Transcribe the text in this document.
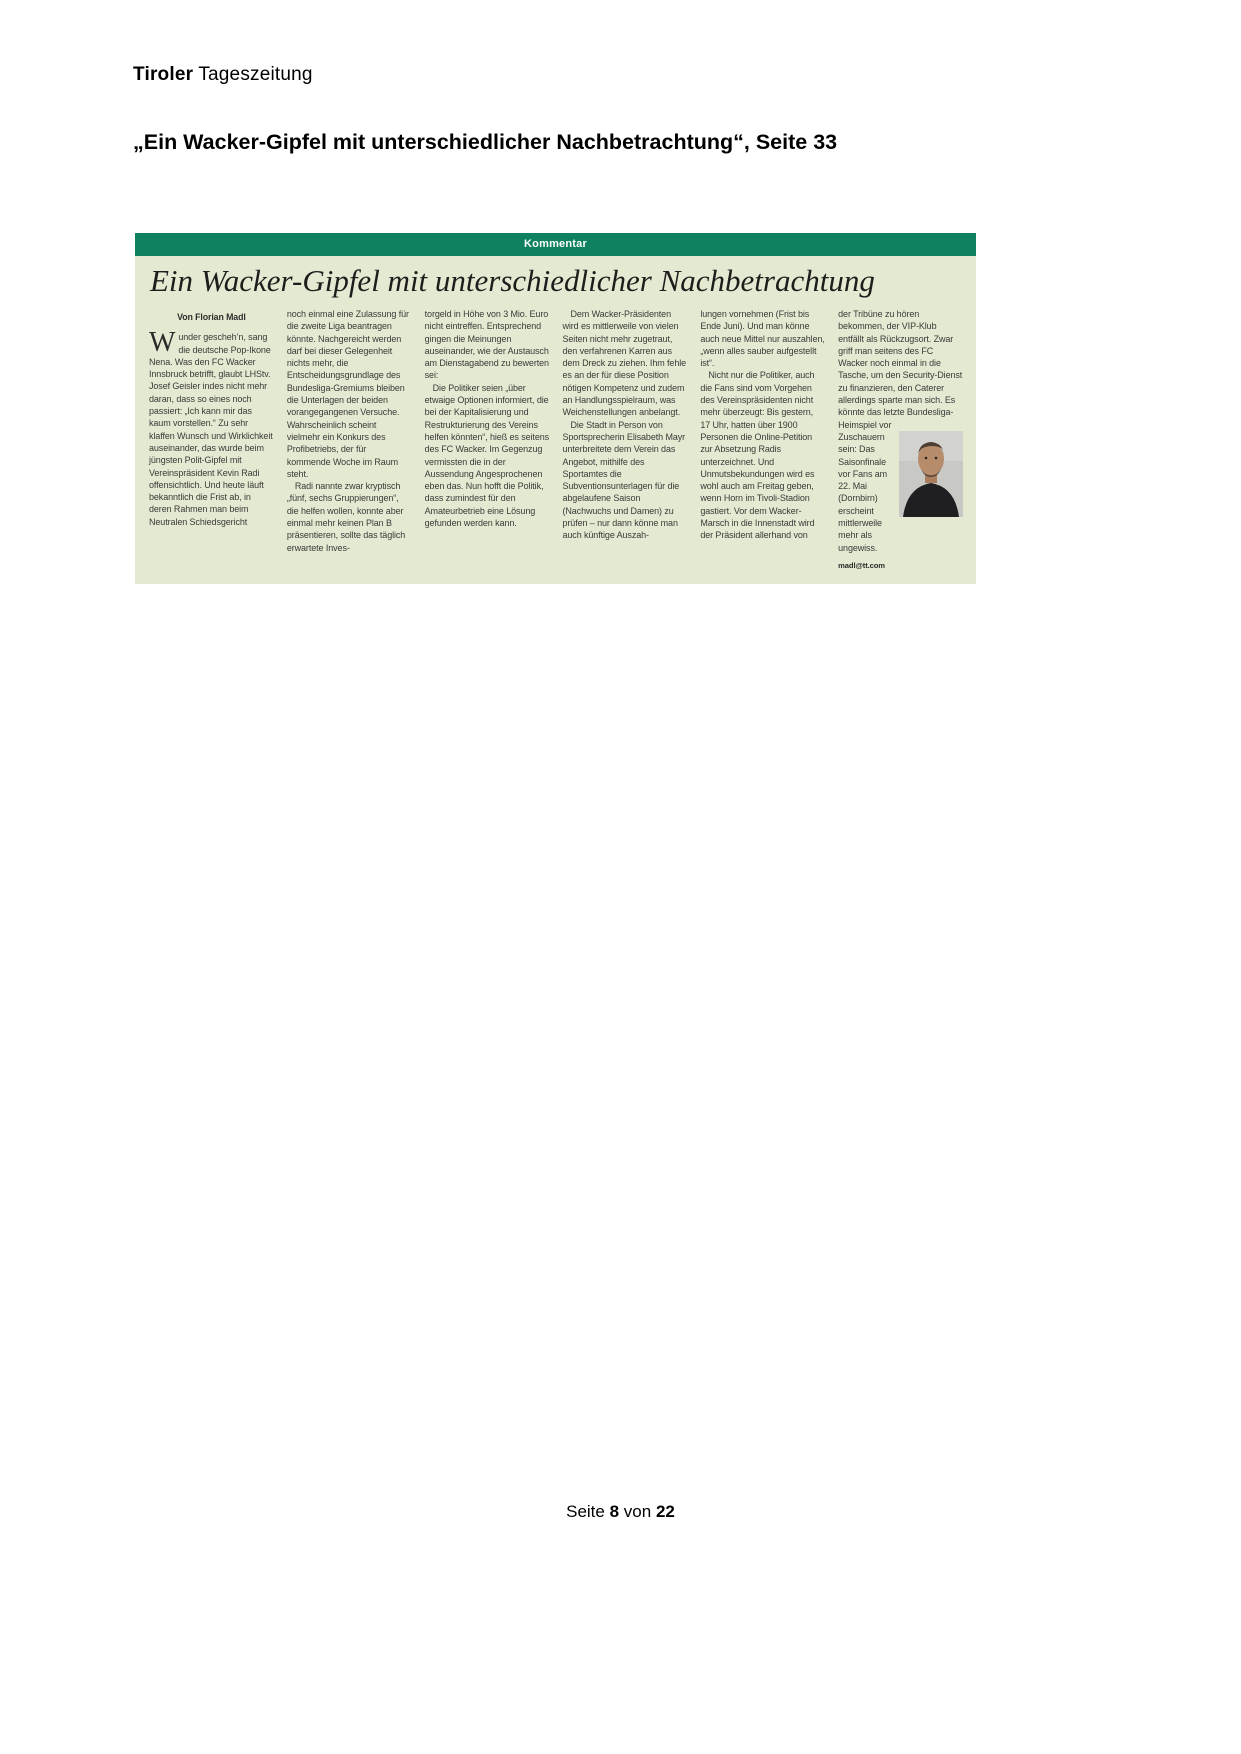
Tiroler Tageszeitung
„Ein Wacker-Gipfel mit unterschiedlicher Nachbetrachtung“, Seite 33
Kommentar
Ein Wacker-Gipfel mit unterschiedlicher Nachbetrachtung
Von Florian Madl

Wunder gescheh’n, sang die deutsche Pop-Ikone Nena. Was den FC Wacker Innsbruck betrifft, glaubt LHStv. Josef Geisler indes nicht mehr daran, dass so eines noch passiert: „Ich kann mir das kaum vorstellen.“ Zu sehr klaffen Wunsch und Wirklichkeit auseinander, das wurde beim jüngsten Polit-Gipfel mit Vereinspräsident Kevin Radi offensichtlich. Und heute läuft bekanntlich die Frist ab, in deren Rahmen man beim Neutralen Schiedsgericht

noch einmal eine Zulassung für die zweite Liga beantragen könnte. Nachgereicht werden darf bei dieser Gelegenheit nichts mehr, die Entscheidungsgrundlage des Bundesliga-Gremiums bleiben die Unterlagen der beiden vorangegangenen Versuche. Wahrscheinlich scheint vielmehr ein Konkurs des Profibetriebs, der für kommende Woche im Raum steht.

Radi nannte zwar kryptisch „fünf, sechs Gruppierungen“, die helfen wollen, konnte aber einmal mehr keinen Plan B präsentieren, sollte das täglich erwartete Inves-

torgeld in Höhe von 3 Mio. Euro nicht eintreffen. Entsprechend gingen die Meinungen auseinander, wie der Austausch am Dienstagabend zu bewerten sei:

Die Politiker seien „über etwaige Optionen informiert, die bei der Kapitalisierung und Restrukturierung des Vereins helfen könnten“, hieß es seitens des FC Wacker. Im Gegenzug vermissten die in der Aussendung Angesprochenen eben das. Nun hofft die Politik, dass zumindest für den Amateurbetrieb eine Lösung gefunden werden kann.

Dem Wacker-Präsidenten wird es mittlerweile von vielen Seiten nicht mehr zugetraut, den verfahrenen Karren aus dem Dreck zu ziehen. Ihm fehle es an der für diese Position nötigen Kompetenz und zudem an Handlungsspielraum, was Weichenstellungen anbelangt.

Die Stadt in Person von Sportsprecherin Elisabeth Mayr unterbreitete dem Verein das Angebot, mithilfe des Sportamtes die Subventionsunterlagen für die abgelaufene Saison (Nachwuchs und Damen) zu prüfen – nur dann könne man auch künftige Auszah-

lungen vornehmen (Frist bis Ende Juni). Und man könne auch neue Mittel nur auszahlen, „wenn alles sauber aufgestellt ist“.

Nicht nur die Politiker, auch die Fans sind vom Vorgehen des Vereinspräsidenten nicht mehr überzeugt: Bis gestern, 17 Uhr, hatten über 1900 Personen die Online-Petition zur Absetzung Radis unterzeichnet. Und Unmutsbekundungen wird es wohl auch am Freitag geben, wenn Horn im Tivoli-Stadion gastiert. Vor dem Wacker-Marsch in die Innenstadt wird der Präsident allerhand von

der Tribüne zu hören bekommen, der VIP-Klub entfällt als Rückzugsort. Zwar griff man seitens des FC Wacker noch einmal in die Tasche, um den Security-Dienst zu finanzieren, den Caterer allerdings sparte man sich. Es könnte das letzte Bundesliga-Heimspiel vor

Zuschauern sein: Das Saisonfinale vor Fans am 22. Mai (Dornbirn) erscheint mittlerweile mehr als ungewiss.

madl@tt.com
Seite 8 von 22
